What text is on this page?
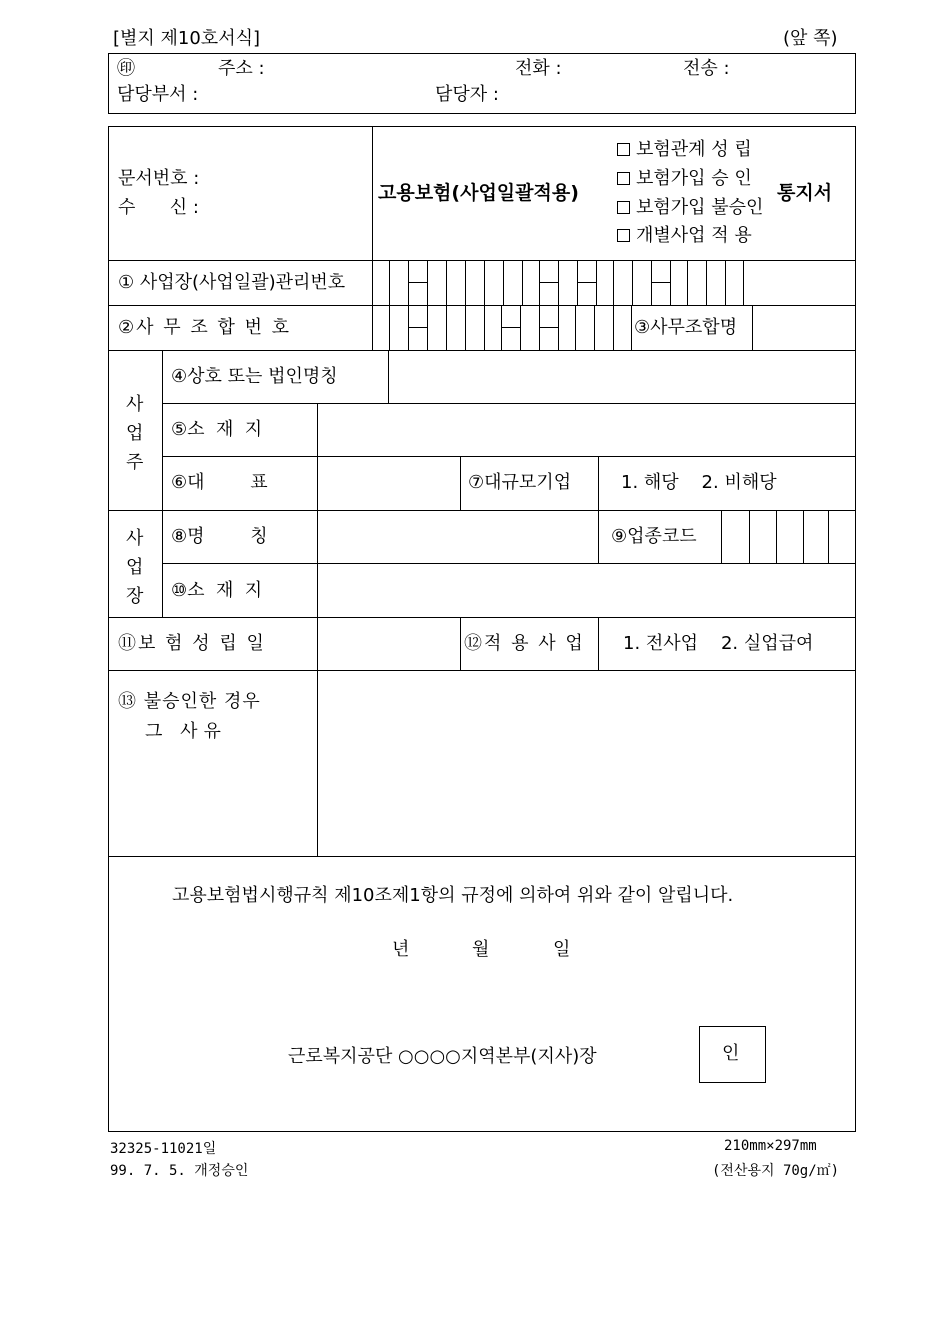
[별지 제10호서식]	(앞 쪽)
㊞	주소 :	전화 :	전송 :
담당부서 :	담당자 :
문서번호 :
수      신 :
고용보험(사업일괄적용)
보험관계 성 립
보험가입 승 인
보험가입 불승인
개별사업 적 용
통지서
① 사업장(사업일괄)관리번호
②사 무 조 합 번 호	③사무조합명
사업주
④상호 또는 법인명칭
⑤소  재  지
⑥대        표	⑦대규모기업	1. 해당    2. 비해당
사업장
⑧명        칭	⑨업종코드
⑩소  재  지
⑪보 험 성 립 일	⑫적 용 사 업 1. 전사업    2. 실업급여
⑬ 불승인한 경우
그 사유
고용보험법시행규칙 제10조제1항의 규정에 의하여 위와 같이 알립니다.
년	월	일
근로복지공단 ○○○○지역본부(지사)장	인
32325-11021일
99. 7. 5. 개정승인
210mm×297mm
(전산용지 70g/㎡)
